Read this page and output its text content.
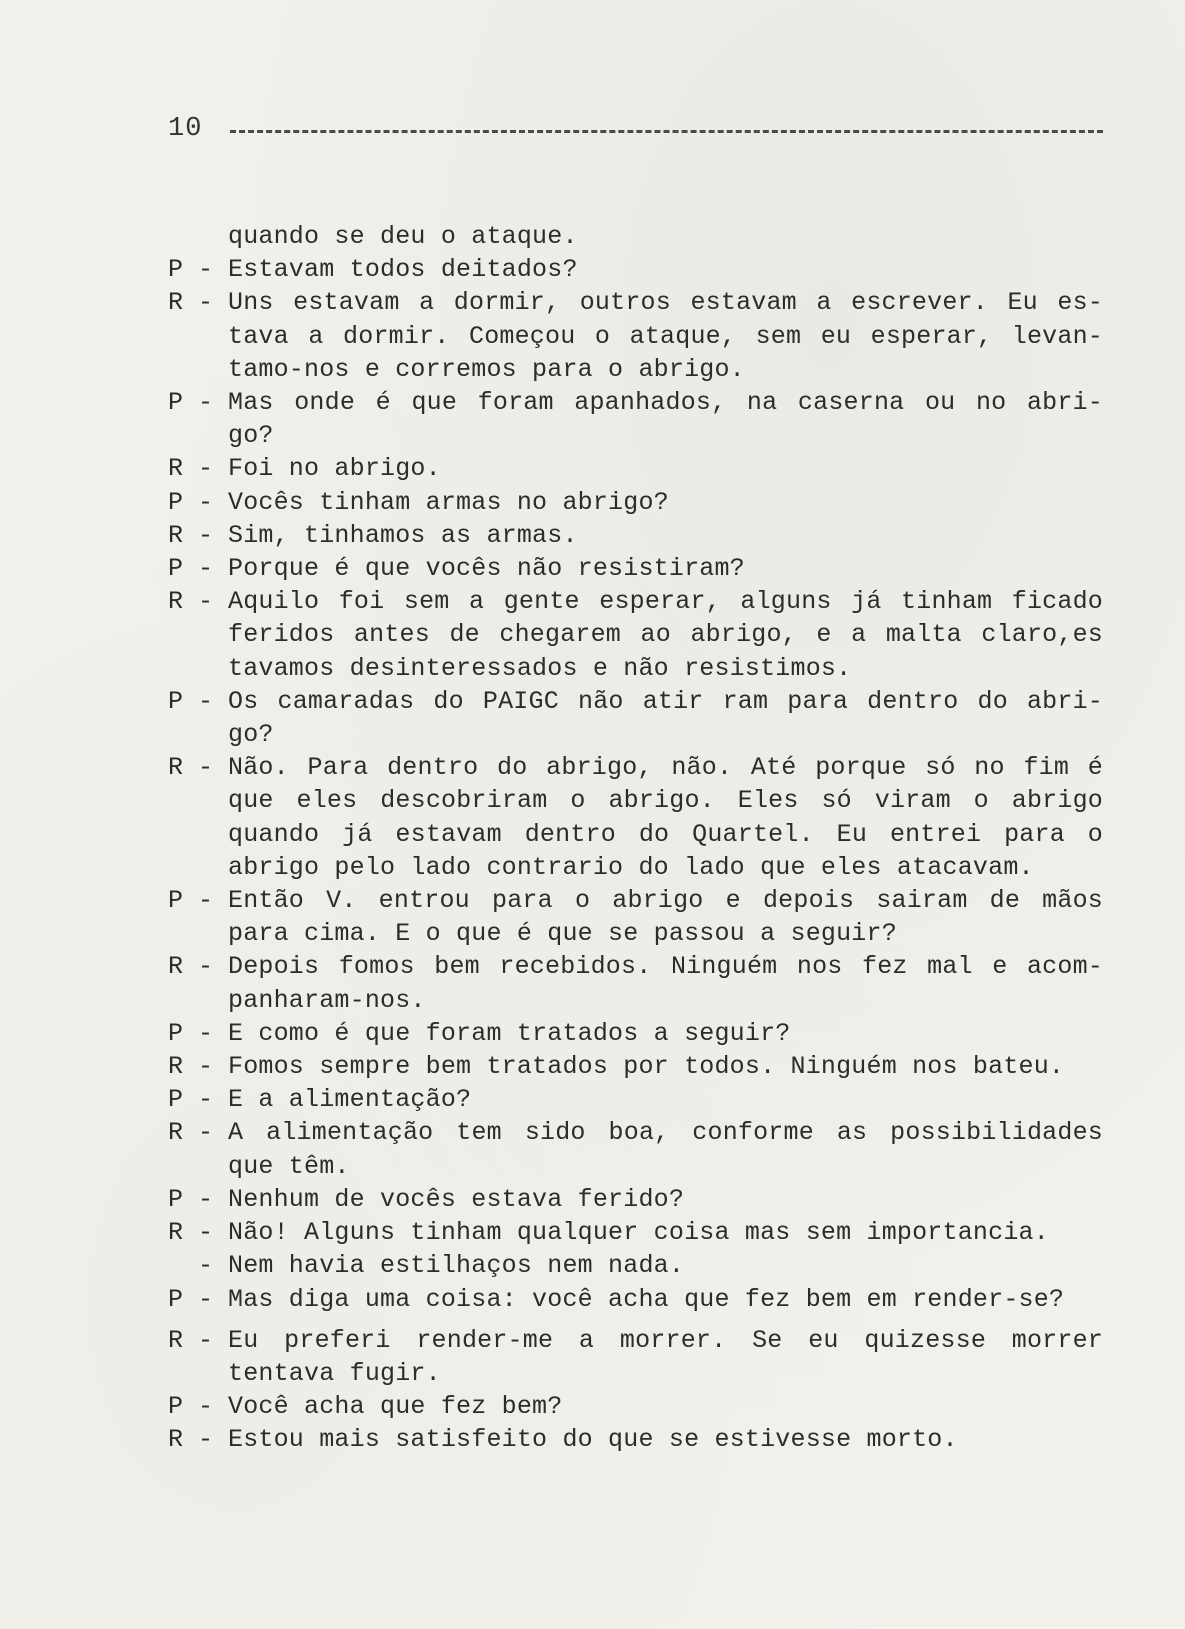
10
quando se deu o ataque.
P - Estavam todos deitados?
R - Uns estavam a dormir, outros estavam a escrever. Eu es-
tava a dormir. Começou o ataque, sem eu esperar, levan-
tamo-nos e corremos para o abrigo.
P - Mas onde é que foram apanhados, na caserna ou no abri-
go?
R - Foi no abrigo.
P - Vocês tinham armas no abrigo?
R - Sim, tinhamos as armas.
P - Porque é que vocês não resistiram?
R - Aquilo foi sem a gente esperar, alguns já tinham ficado
feridos antes de chegarem ao abrigo, e a malta claro,es
tavamos desinteressados e não resistimos.
P - Os camaradas do PAIGC não atir ram para dentro do abri-
go?
R - Não. Para dentro do abrigo, não. Até porque só no fim é
que eles descobriram o abrigo. Eles só viram o abrigo
quando já estavam dentro do Quartel. Eu entrei para o
abrigo pelo lado contrario do lado que eles atacavam.
P - Então V. entrou para o abrigo e depois sairam de mãos
para cima. E o que é que se passou a seguir?
R - Depois fomos bem recebidos. Ninguém nos fez mal e acom-
panharam-nos.
P - E como é que foram tratados a seguir?
R - Fomos sempre bem tratados por todos. Ninguém nos bateu.
P - E a alimentação?
R - A alimentação tem sido boa, conforme as possibilidades
que têm.
P - Nenhum de vocês estava ferido?
R - Não! Alguns tinham qualquer coisa mas sem importancia.
- Nem havia estilhaços nem nada.
P - Mas diga uma coisa: você acha que fez bem em render-se?
R - Eu preferi render-me a morrer. Se eu quizesse morrer
tentava fugir.
P - Você acha que fez bem?
R - Estou mais satisfeito do que se estivesse morto.
